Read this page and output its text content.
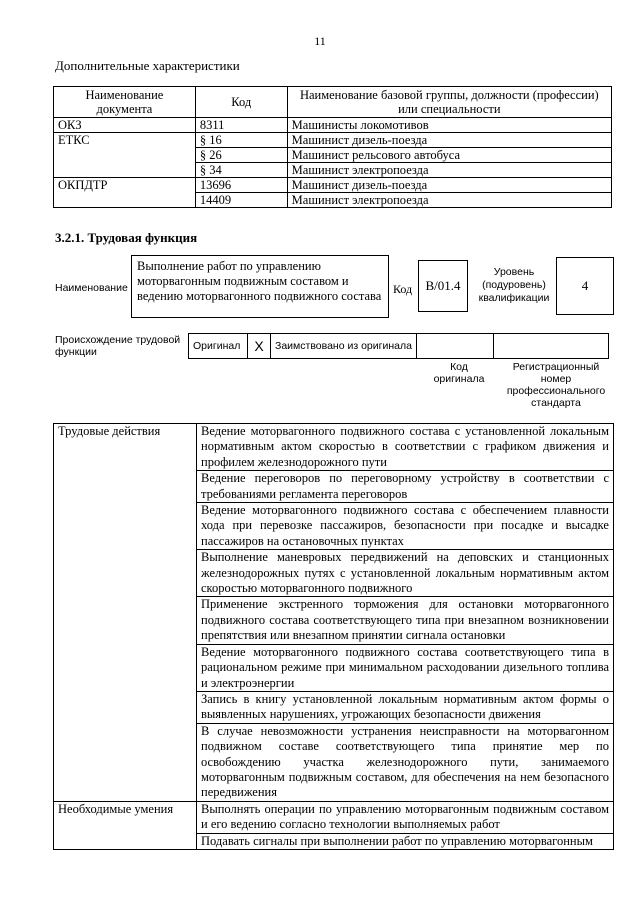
11
Дополнительные характеристики
Наименование документа	Код	Наименование базовой группы, должности (профессии) или специальности
ОКЗ	8311	Машинисты локомотивов
ЕТКС	§ 16	Машинист дизель-поезда
	§ 26	Машинист рельсового автобуса
	§ 34	Машинист электропоезда
ОКПДТР	13696	Машинист дизель-поезда
	14409	Машинист электропоезда
3.2.1. Трудовая функция
Наименование
Выполнение работ по управлению моторвагонным подвижным составом и ведению моторвагонного подвижного состава Код	B/01.4
Уровень (подуровень) квалификации
4
Происхождение трудовой функции	Оригинал	X	Заимствовано из оригинала		
Код оригинала
Регистрационный номер профессионального стандарта
Трудовые действия	Ведение моторвагонного подвижного состава с установленной локальным нормативным актом скоростью в соответствии с графиком движения и профилем железнодорожного пути
	Ведение переговоров по переговорному устройству в соответствии с требованиями регламента переговоров
	Ведение моторвагонного подвижного состава с обеспечением плавности хода при перевозке пассажиров, безопасности при посадке и высадке пассажиров на остановочных пунктах
	Выполнение маневровых передвижений на деповских и станционных железнодорожных путях с установленной локальным нормативным актом скоростью моторвагонного подвижного
	Применение экстренного торможения для остановки моторвагонного подвижного состава соответствующего типа при внезапном возникновении препятствия или внезапном принятии сигнала остановки
	Ведение моторвагонного подвижного состава соответствующего типа в рациональном режиме при минимальном расходовании дизельного топлива и электроэнергии
	Запись в книгу установленной локальным нормативным актом формы о выявленных нарушениях, угрожающих безопасности движения
	В случае невозможности устранения неисправности на моторвагонном подвижном составе соответствующего типа принятие мер по освобождению участка железнодорожного пути, занимаемого моторвагонным подвижным составом, для обеспечения на нем безопасного передвижения
Необходимые умения	Выполнять операции по управлению моторвагонным подвижным составом и его ведению согласно технологии выполняемых работ
	Подавать сигналы при выполнении работ по управлению моторвагонным
